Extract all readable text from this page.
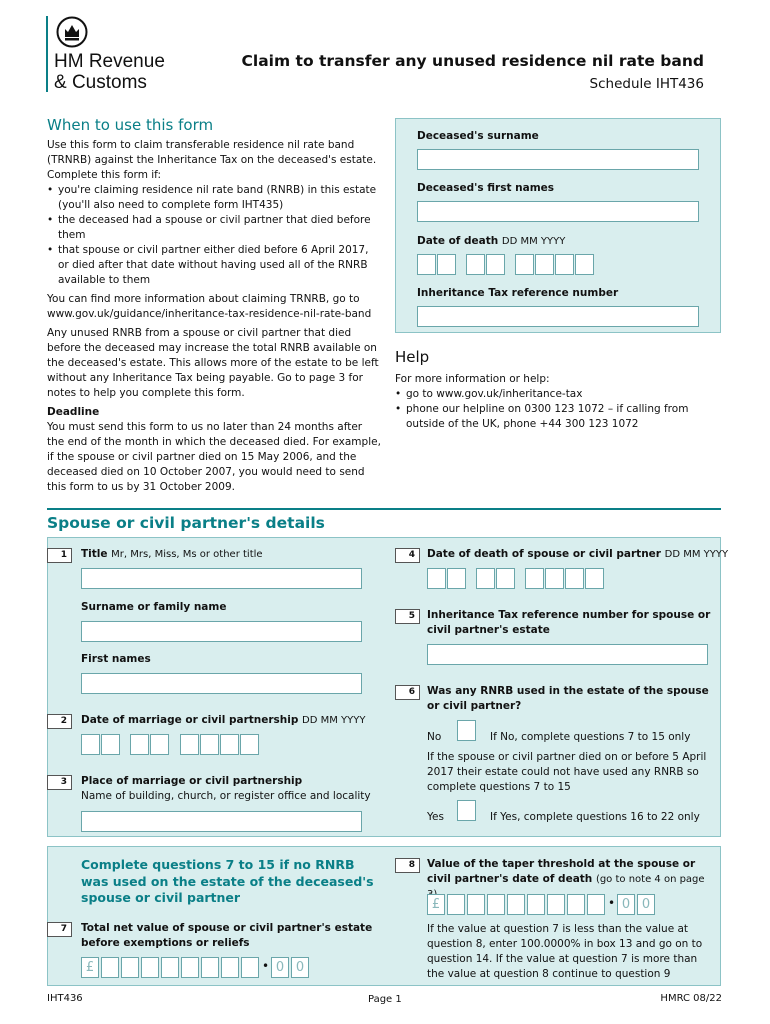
HM Revenue
& Customs
Claim to transfer any unused residence nil rate band
Schedule IHT436
When to use this form
Use this form to claim transferable residence nil rate band (TRNRB) against the Inheritance Tax on the deceased's estate.
Complete this form if:
• you're claiming residence nil rate band (RNRB) in this estate (you'll also need to complete form IHT435)
• the deceased had a spouse or civil partner that died before them
• that spouse or civil partner either died before 6 April 2017, or died after that date without having used all of the RNRB available to them
You can find more information about claiming TRNRB, go to www.gov.uk/guidance/inheritance-tax-residence-nil-rate-band
Any unused RNRB from a spouse or civil partner that died before the deceased may increase the total RNRB available on the deceased's estate. This allows more of the estate to be left without any Inheritance Tax being payable. Go to page 3 for notes to help you complete this form.
Deadline
You must send this form to us no later than 24 months after the end of the month in which the deceased died. For example, if the spouse or civil partner died on 15 May 2006, and the deceased died on 10 October 2007, you would need to send this form to us by 31 October 2009.
Deceased's surname
Deceased's first names
Date of death DD MM YYYY
Inheritance Tax reference number
Help
For more information or help:
• go to www.gov.uk/inheritance-tax
• phone our helpline on 0300 123 1072 – if calling from outside of the UK, phone +44 300 123 1072
Spouse or civil partner's details
1	Title Mr, Mrs, Miss, Ms or other title
Surname or family name
First names
2	Date of marriage or civil partnership DD MM YYYY
3	Place of marriage or civil partnership
Name of building, church, or register office and locality
4	Date of death of spouse or civil partner DD MM YYYY
5	Inheritance Tax reference number for spouse or civil partner's estate
6	Was any RNRB used in the estate of the spouse or civil partner?
No	If No, complete questions 7 to 15 only
If the spouse or civil partner died on or before 5 April 2017 their estate could not have used any RNRB so complete questions 7 to 15
Yes	If Yes, complete questions 16 to 22 only
Complete questions 7 to 15 if no RNRB was used on the estate of the deceased's spouse or civil partner
7	Total net value of spouse or civil partner's estate before exemptions or reliefs
£	• 0 0
8	Value of the taper threshold at the spouse or civil partner's date of death (go to note 4 on page
£	• 0 0
If the value at question 7 is less than the value at question 8, enter 100.0000% in box 13 and go on to question 14. If the value at question 7 is more than the value at question 8 continue to question 9
IHT436	Page 1	HMRC 08/22
